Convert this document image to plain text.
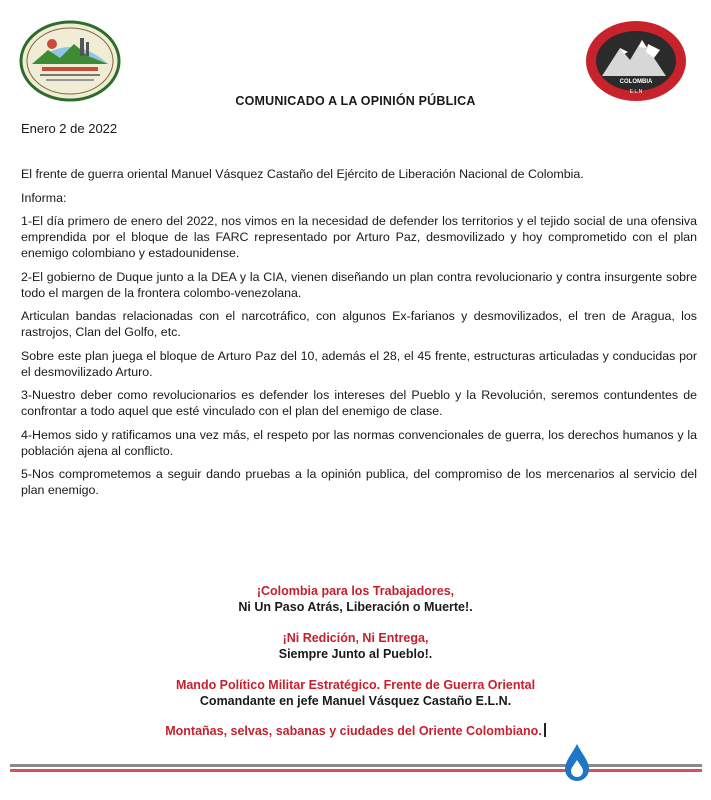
COLOMBIA
E.L.N
COMUNICADO A LA OPINIÓN PÚBLICA
Enero 2 de 2022

El frente de guerra oriental Manuel Vásquez Castaño del Ejército de Liberación Nacional de Colombia.

Informa:

1-El día primero de enero del 2022, nos vimos en la necesidad de defender los territorios y el tejido social de una ofensiva emprendida por el bloque de las FARC representado por Arturo Paz, desmovilizado y hoy comprometido con el plan enemigo colombiano y estadounidense.

2-El gobierno de Duque junto a la DEA y la CIA, vienen diseñando un plan contra revolucionario y contra insurgente sobre todo el margen de la frontera colombo-venezolana.

Articulan bandas relacionadas con el narcotráfico, con algunos Ex-farianos y desmovilizados, el tren de Aragua, los rastrojos, Clan del Golfo, etc.

Sobre este plan juega el bloque de Arturo Paz del 10, además el 28, el 45 frente, estructuras articuladas y conducidas por el desmovilizado Arturo.

3-Nuestro deber como revolucionarios es defender los intereses del Pueblo y la Revolución, seremos contundentes de confrontar a todo aquel que esté vinculado con el plan del enemigo de clase.

4-Hemos sido y ratificamos una vez más, el respeto por las normas convencionales de guerra, los derechos humanos y la población ajena al conflicto.

5-Nos comprometemos a seguir dando pruebas a la opinión publica, del compromiso de los mercenarios al servicio del plan enemigo.

¡Colombia para los Trabajadores,
Ni Un Paso Atrás, Liberación o Muerte!.
¡Ni Redición, Ni Entrega,
Siempre Junto al Pueblo!.
Mando Político Militar Estratégico. Frente de Guerra Oriental
Comandante en jefe Manuel Vásquez Castaño E.L.N.
Montañas, selvas, sabanas y ciudades del Oriente Colombiano.
